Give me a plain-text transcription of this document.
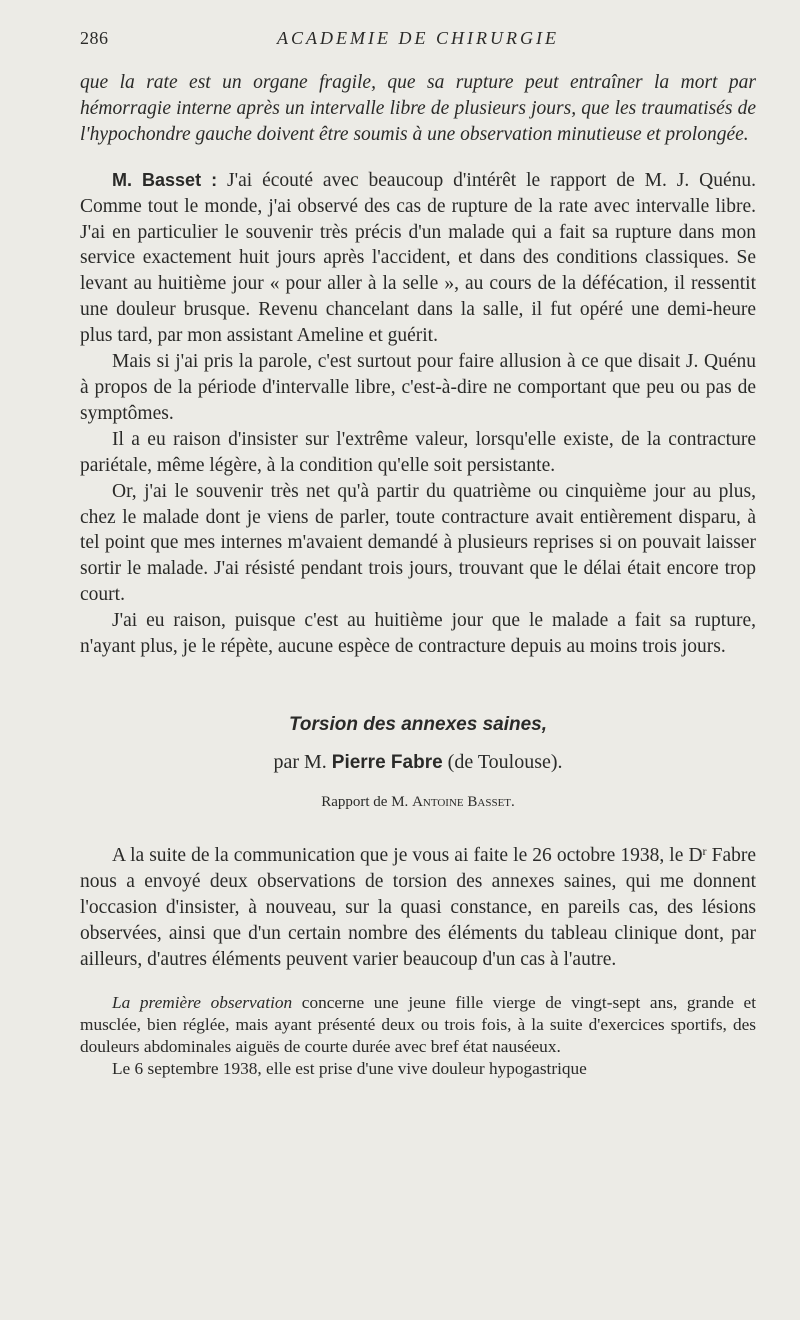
286	ACADEMIE DE CHIRURGIE

que la rate est un organe fragile, que sa rupture peut entraîner la mort par hémorragie interne après un intervalle libre de plusieurs jours, que les traumatisés de l'hypochondre gauche doivent être soumis à une observation minutieuse et prolongée.

M. Basset : J'ai écouté avec beaucoup d'intérêt le rapport de M. J. Quénu. Comme tout le monde, j'ai observé des cas de rupture de la rate avec intervalle libre. J'ai en particulier le souvenir très précis d'un malade qui a fait sa rupture dans mon service exactement huit jours après l'accident, et dans des conditions classiques. Se levant au huitième jour « pour aller à la selle », au cours de la défécation, il ressentit une douleur brusque. Revenu chancelant dans la salle, il fut opéré une demi-heure plus tard, par mon assistant Ameline et guérit.

Mais si j'ai pris la parole, c'est surtout pour faire allusion à ce que disait J. Quénu à propos de la période d'intervalle libre, c'est-à-dire ne comportant que peu ou pas de symptômes.

Il a eu raison d'insister sur l'extrême valeur, lorsqu'elle existe, de la contracture pariétale, même légère, à la condition qu'elle soit persistante.

Or, j'ai le souvenir très net qu'à partir du quatrième ou cinquième jour au plus, chez le malade dont je viens de parler, toute contracture avait entièrement disparu, à tel point que mes internes m'avaient demandé à plusieurs reprises si on pouvait laisser sortir le malade. J'ai résisté pendant trois jours, trouvant que le délai était encore trop court.

J'ai eu raison, puisque c'est au huitième jour que le malade a fait sa rupture, n'ayant plus, je le répète, aucune espèce de contracture depuis au moins trois jours.

Torsion des annexes saines,
par M. Pierre Fabre (de Toulouse).
Rapport de M. Antoine Basset.

A la suite de la communication que je vous ai faite le 26 octobre 1938, le $D^r$ Fabre nous a envoyé deux observations de torsion des annexes saines, qui me donnent l'occasion d'insister, à nouveau, sur la quasi constance, en pareils cas, des lésions observées, ainsi que d'un certain nombre des éléments du tableau clinique dont, par ailleurs, d'autres éléments peuvent varier beaucoup d'un cas à l'autre.

La première observation concerne une jeune fille vierge de vingt-sept ans, grande et musclée, bien réglée, mais ayant présenté deux ou trois fois, à la suite d'exercices sportifs, des douleurs abdominales aiguës de courte durée avec bref état nauséeux.

Le 6 septembre 1938, elle est prise d'une vive douleur hypogastrique
